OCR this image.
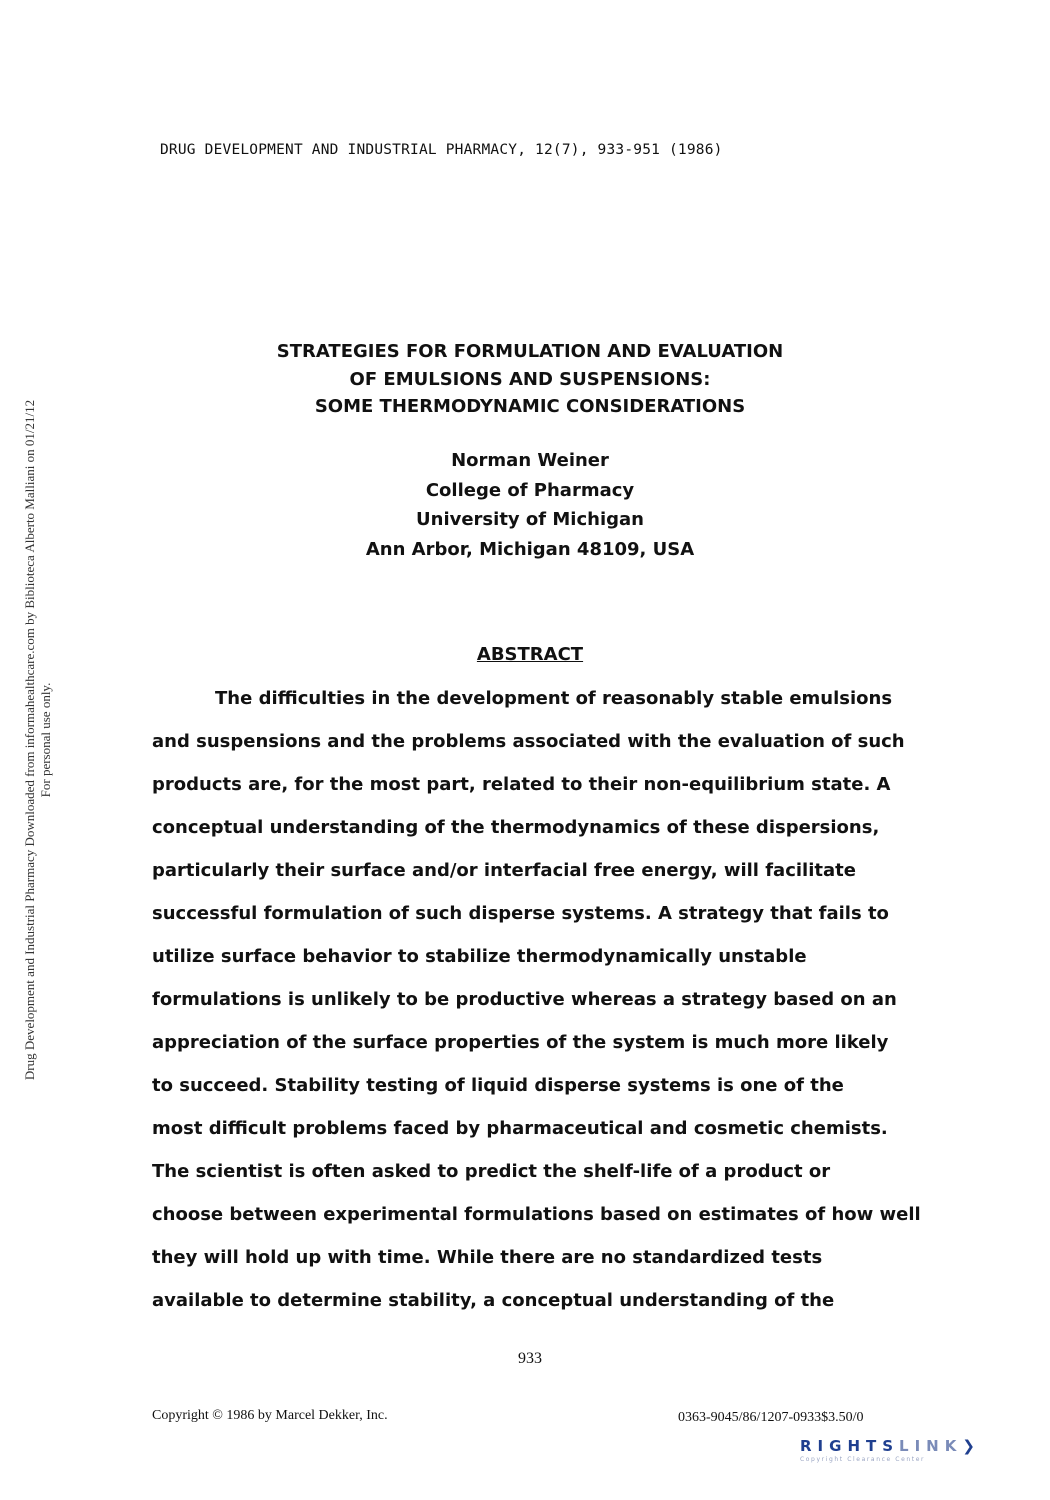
DRUG DEVELOPMENT AND INDUSTRIAL PHARMACY, 12(7), 933-951 (1986)
Drug Development and Industrial Pharmacy Downloaded from informahealthcare.com by Biblioteca Alberto Malliani on 01/21/12 For personal use only.
STRATEGIES FOR FORMULATION AND EVALUATION
OF EMULSIONS AND SUSPENSIONS:
SOME THERMODYNAMIC CONSIDERATIONS
Norman Weiner
College of Pharmacy
University of Michigan
Ann Arbor, Michigan 48109, USA
ABSTRACT
The difficulties in the development of reasonably stable emulsions
and suspensions and the problems associated with the evaluation of such
products are, for the most part, related to their non-equilibrium state. A
conceptual understanding of the thermodynamics of these dispersions,
particularly their surface and/or interfacial free energy, will facilitate
successful formulation of such disperse systems. A strategy that fails to
utilize surface behavior to stabilize thermodynamically unstable
formulations is unlikely to be productive whereas a strategy based on an
appreciation of the surface properties of the system is much more likely
to succeed. Stability testing of liquid disperse systems is one of the
most difficult problems faced by pharmaceutical and cosmetic chemists.
The scientist is often asked to predict the shelf-life of a product or
choose between experimental formulations based on estimates of how well
they will hold up with time. While there are no standardized tests
available to determine stability, a conceptual understanding of the
933
Copyright © 1986 by Marcel Dekker, Inc.	0363-9045/86/1207-0933$3.50/0
RIGHTSLINK❯
Copyright Clearance Center
